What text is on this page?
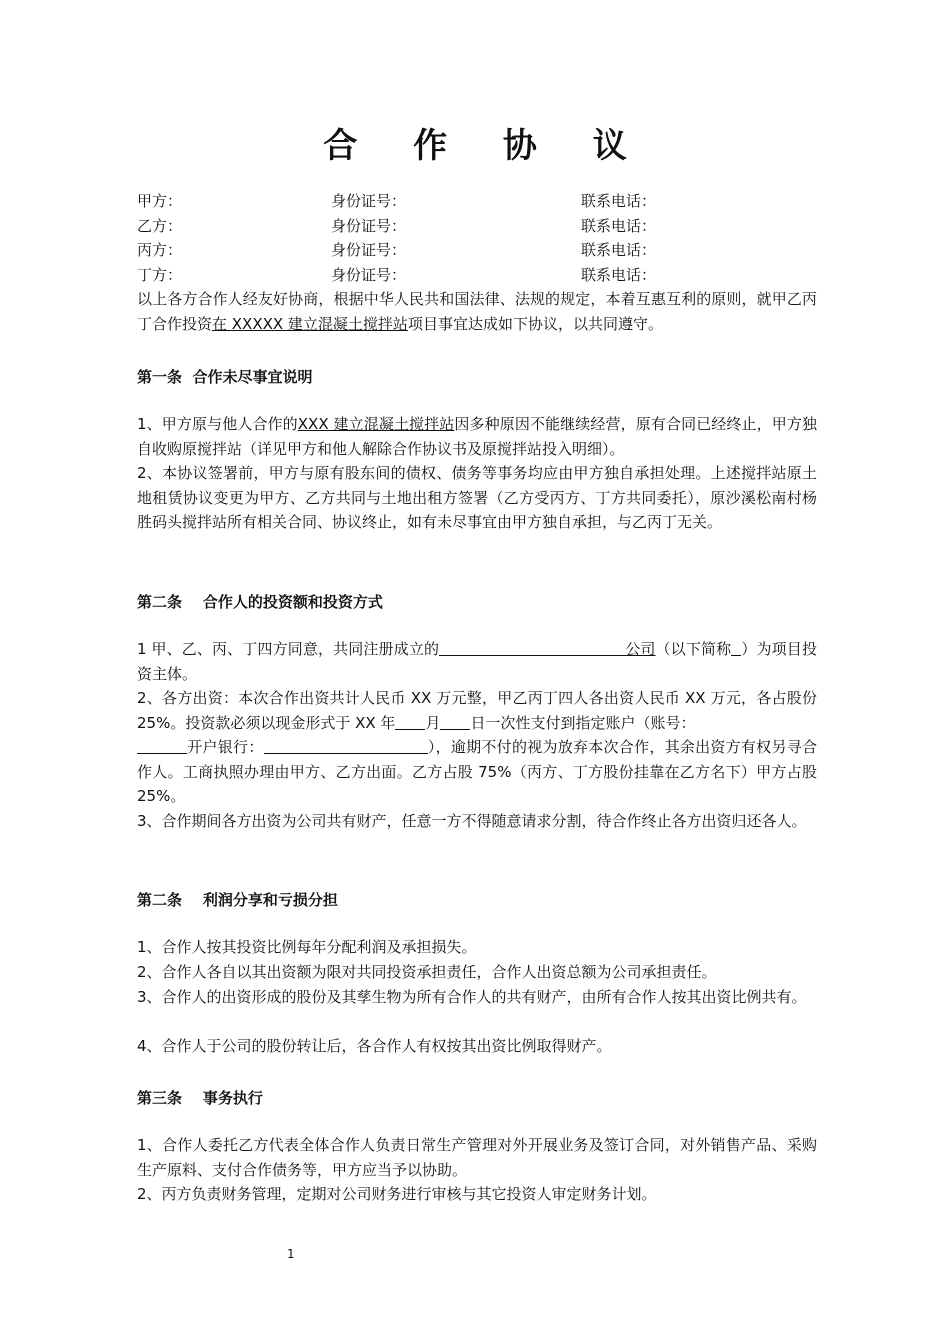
合 作 协 议
甲方：	身份证号：	联系电话：
乙方：	身份证号：	联系电话：
丙方：	身份证号：	联系电话：
丁方：	身份证号：	联系电话：
以上各方合作人经友好协商，根据中华人民共和国法律、法规的规定，本着互惠互利的原则，就甲乙丙丁合作投资在 XXXXX 建立混凝土搅拌站项目事宜达成如下协议，以共同遵守。
第一条  合作未尽事宜说明
1、甲方原与他人合作的XXX 建立混凝土搅拌站因多种原因不能继续经营，原有合同已经终止，甲方独自收购原搅拌站（详见甲方和他人解除合作协议书及原搅拌站投入明细）。
2、本协议签署前，甲方与原有股东间的债权、债务等事务均应由甲方独自承担处理。上述搅拌站原土地租赁协议变更为甲方、乙方共同与土地出租方签署（乙方受丙方、丁方共同委托），原沙溪松南村杨胜码头搅拌站所有相关合同、协议终止，如有未尽事宜由甲方独自承担，与乙丙丁无关。
第二条    合作人的投资额和投资方式
1 甲、乙、丙、丁四方同意，共同注册成立的	公司（以下简称 ）为项目投资主体。
2、各方出资：本次合作出资共计人民币 XX 万元整，甲乙丙丁四人各出资人民币 XX 万元，各占股份 25%。投资款必须以现金形式于 XX 年 月 日一次性支付到指定账户（账号：
开户银行：	），逾期不付的视为放弃本次合作，其余出资方有权另寻合作人。工商执照办理由甲方、乙方出面。乙方占股 75%（丙方、丁方股份挂靠在乙方名下）甲方占股 25%。
3、合作期间各方出资为公司共有财产，任意一方不得随意请求分割，待合作终止各方出资归还各人。
第二条    利润分享和亏损分担
1、合作人按其投资比例每年分配利润及承担损失。
2、合作人各自以其出资额为限对共同投资承担责任，合作人出资总额为公司承担责任。
3、合作人的出资形成的股份及其孳生物为所有合作人的共有财产，由所有合作人按其出资比例共有。
4、合作人于公司的股份转让后，各合作人有权按其出资比例取得财产。
第三条    事务执行
1、合作人委托乙方代表全体合作人负责日常生产管理对外开展业务及签订合同，对外销售产品、采购生产原料、支付合作债务等，甲方应当予以协助。
2、丙方负责财务管理，定期对公司财务进行审核与其它投资人审定财务计划。
1
